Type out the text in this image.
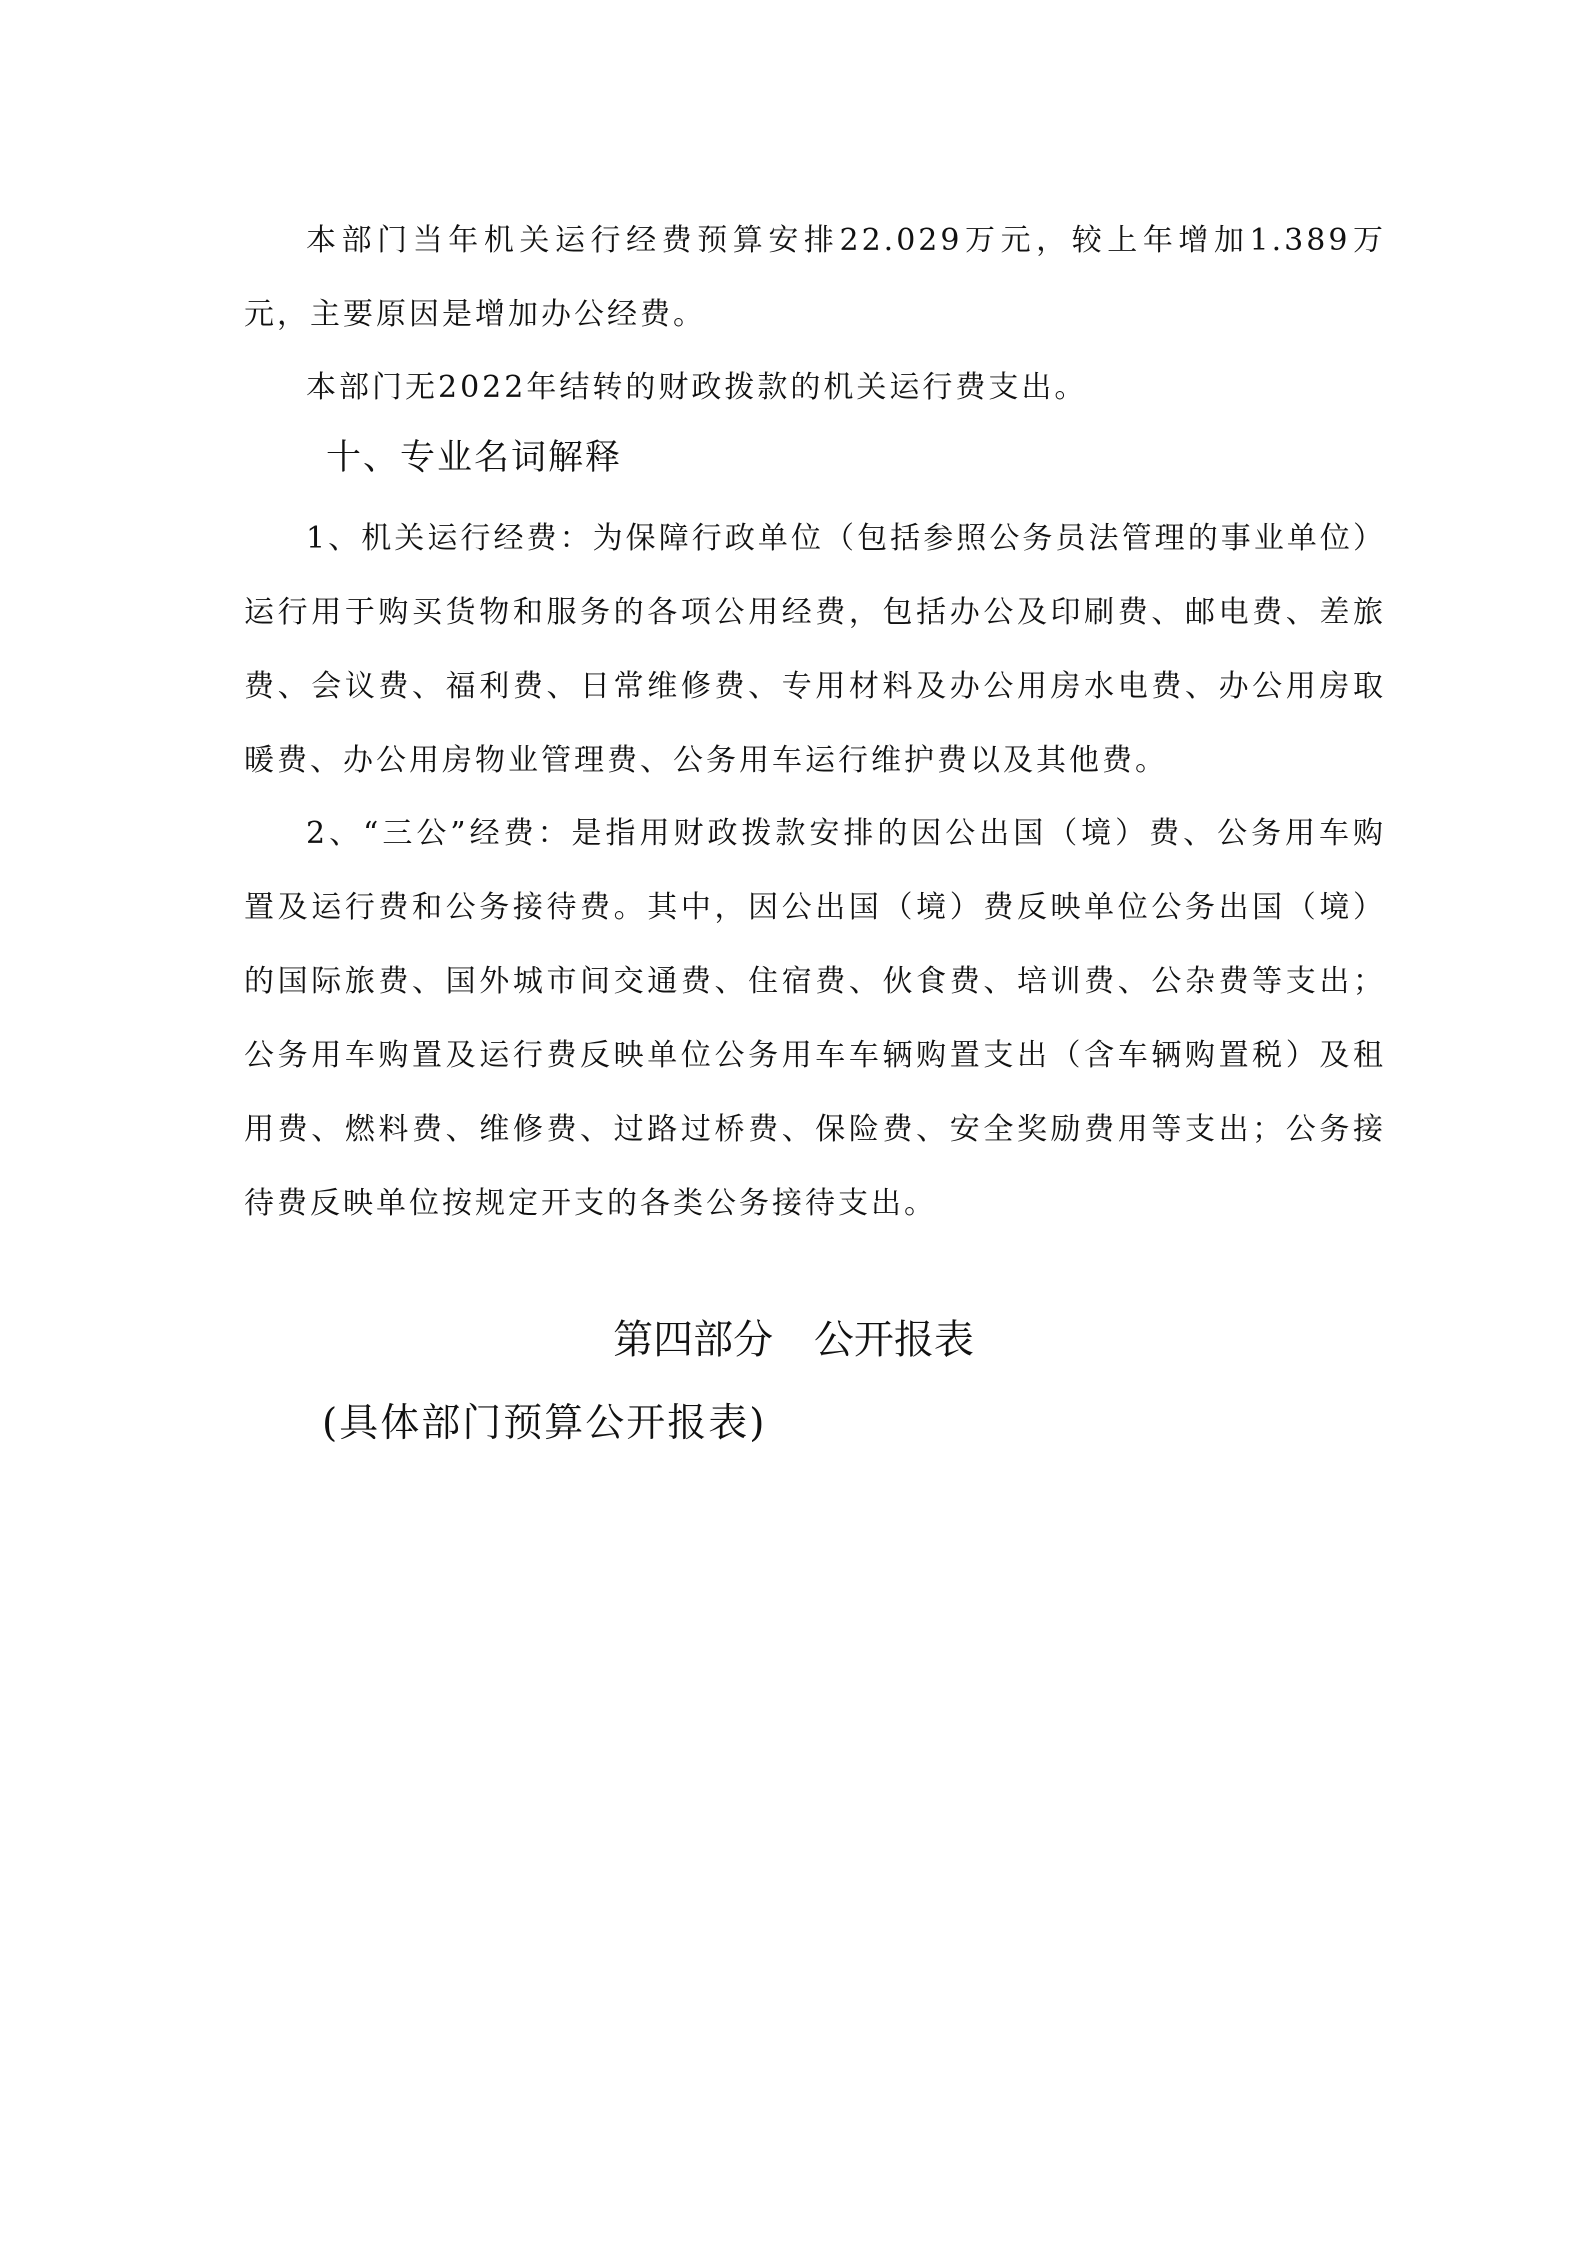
本部门当年机关运行经费预算安排22.029万元，较上年增加1.389万元，主要原因是增加办公经费。

本部门无2022年结转的财政拨款的机关运行费支出。

十、专业名词解释

1、机关运行经费：为保障行政单位（包括参照公务员法管理的事业单位）运行用于购买货物和服务的各项公用经费，包括办公及印刷费、邮电费、差旅费、会议费、福利费、日常维修费、专用材料及办公用房水电费、办公用房取暖费、办公用房物业管理费、公务用车运行维护费以及其他费。

2、“三公”经费：是指用财政拨款安排的因公出国（境）费、公务用车购置及运行费和公务接待费。其中，因公出国（境）费反映单位公务出国（境）的国际旅费、国外城市间交通费、住宿费、伙食费、培训费、公杂费等支出；公务用车购置及运行费反映单位公务用车车辆购置支出（含车辆购置税）及租用费、燃料费、维修费、过路过桥费、保险费、安全奖励费用等支出；公务接待费反映单位按规定开支的各类公务接待支出。

第四部分 公开报表

(具体部门预算公开报表)
